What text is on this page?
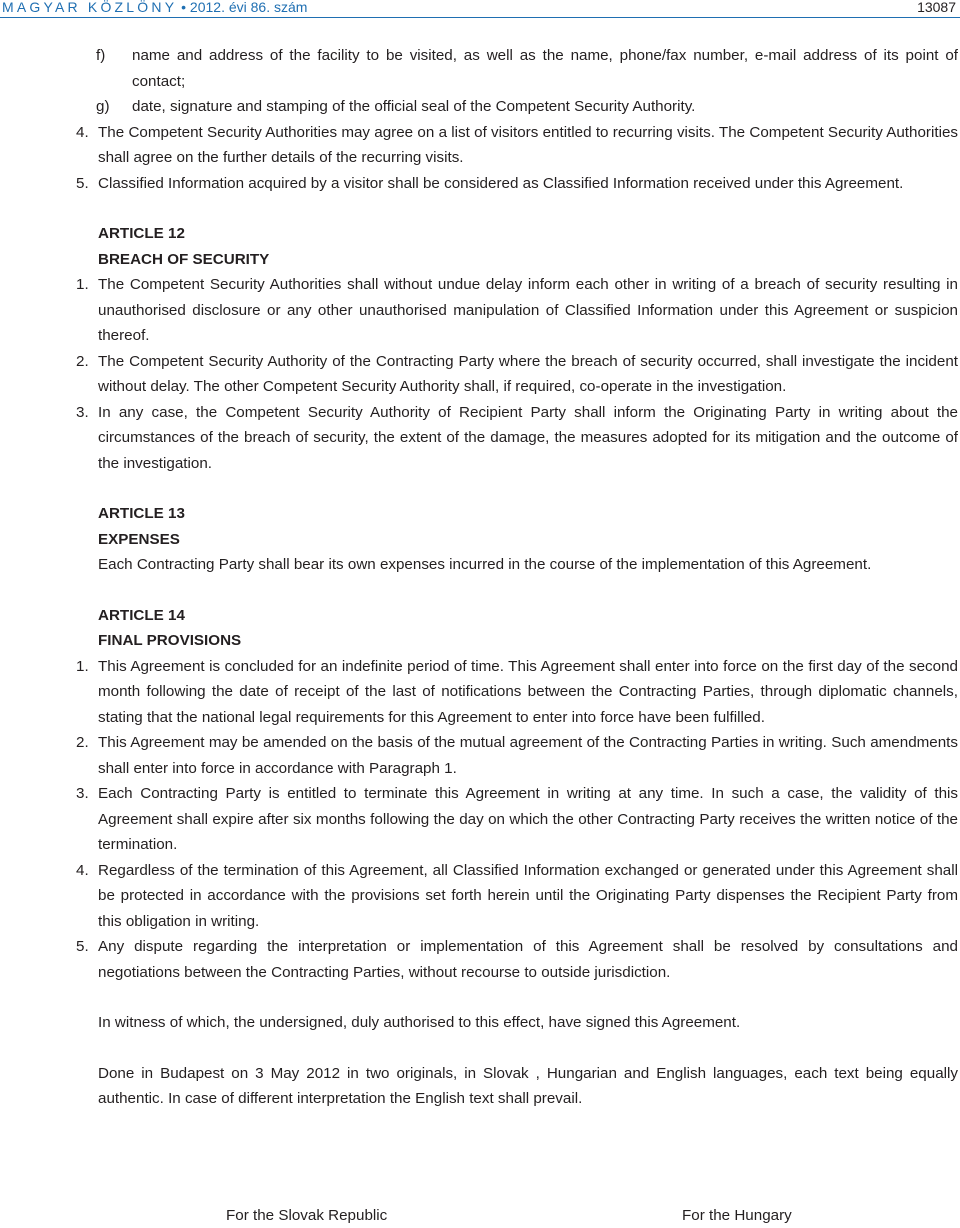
MAGYAR KÖZLÖNY • 2012. évi 86. szám	13087
f) name and address of the facility to be visited, as well as the name, phone/fax number, e-mail address of its point of contact;
g) date, signature and stamping of the official seal of the Competent Security Authority.
4. The Competent Security Authorities may agree on a list of visitors entitled to recurring visits. The Competent Security Authorities shall agree on the further details of the recurring visits.
5. Classified Information acquired by a visitor shall be considered as Classified Information received under this Agreement.
ARTICLE 12
BREACH OF SECURITY
1. The Competent Security Authorities shall without undue delay inform each other in writing of a breach of security resulting in unauthorised disclosure or any other unauthorised manipulation of Classified Information under this Agreement or suspicion thereof.
2. The Competent Security Authority of the Contracting Party where the breach of security occurred, shall investigate the incident without delay. The other Competent Security Authority shall, if required, co-operate in the investigation.
3. In any case, the Competent Security Authority of Recipient Party shall inform the Originating Party in writing about the circumstances of the breach of security, the extent of the damage, the measures adopted for its mitigation and the outcome of the investigation.
ARTICLE 13
EXPENSES
Each Contracting Party shall bear its own expenses incurred in the course of the implementation of this Agreement.
ARTICLE 14
FINAL PROVISIONS
1. This Agreement is concluded for an indefinite period of time. This Agreement shall enter into force on the first day of the second month following the date of receipt of the last of notifications between the Contracting Parties, through diplomatic channels, stating that the national legal requirements for this Agreement to enter into force have been fulfilled.
2. This Agreement may be amended on the basis of the mutual agreement of the Contracting Parties in writing. Such amendments shall enter into force in accordance with Paragraph 1.
3. Each Contracting Party is entitled to terminate this Agreement in writing at any time. In such a case, the validity of this Agreement shall expire after six months following the day on which the other Contracting Party receives the written notice of the termination.
4. Regardless of the termination of this Agreement, all Classified Information exchanged or generated under this Agreement shall be protected in accordance with the provisions set forth herein until the Originating Party dispenses the Recipient Party from this obligation in writing.
5. Any dispute regarding the interpretation or implementation of this Agreement shall be resolved by consultations and negotiations between the Contracting Parties, without recourse to outside jurisdiction.
In witness of which, the undersigned, duly authorised to this effect, have signed this Agreement.
Done in Budapest on 3 May 2012 in two originals, in Slovak , Hungarian and English languages, each text being equally authentic. In case of different interpretation the English text shall prevail.
For the Slovak Republic	For the Hungary
